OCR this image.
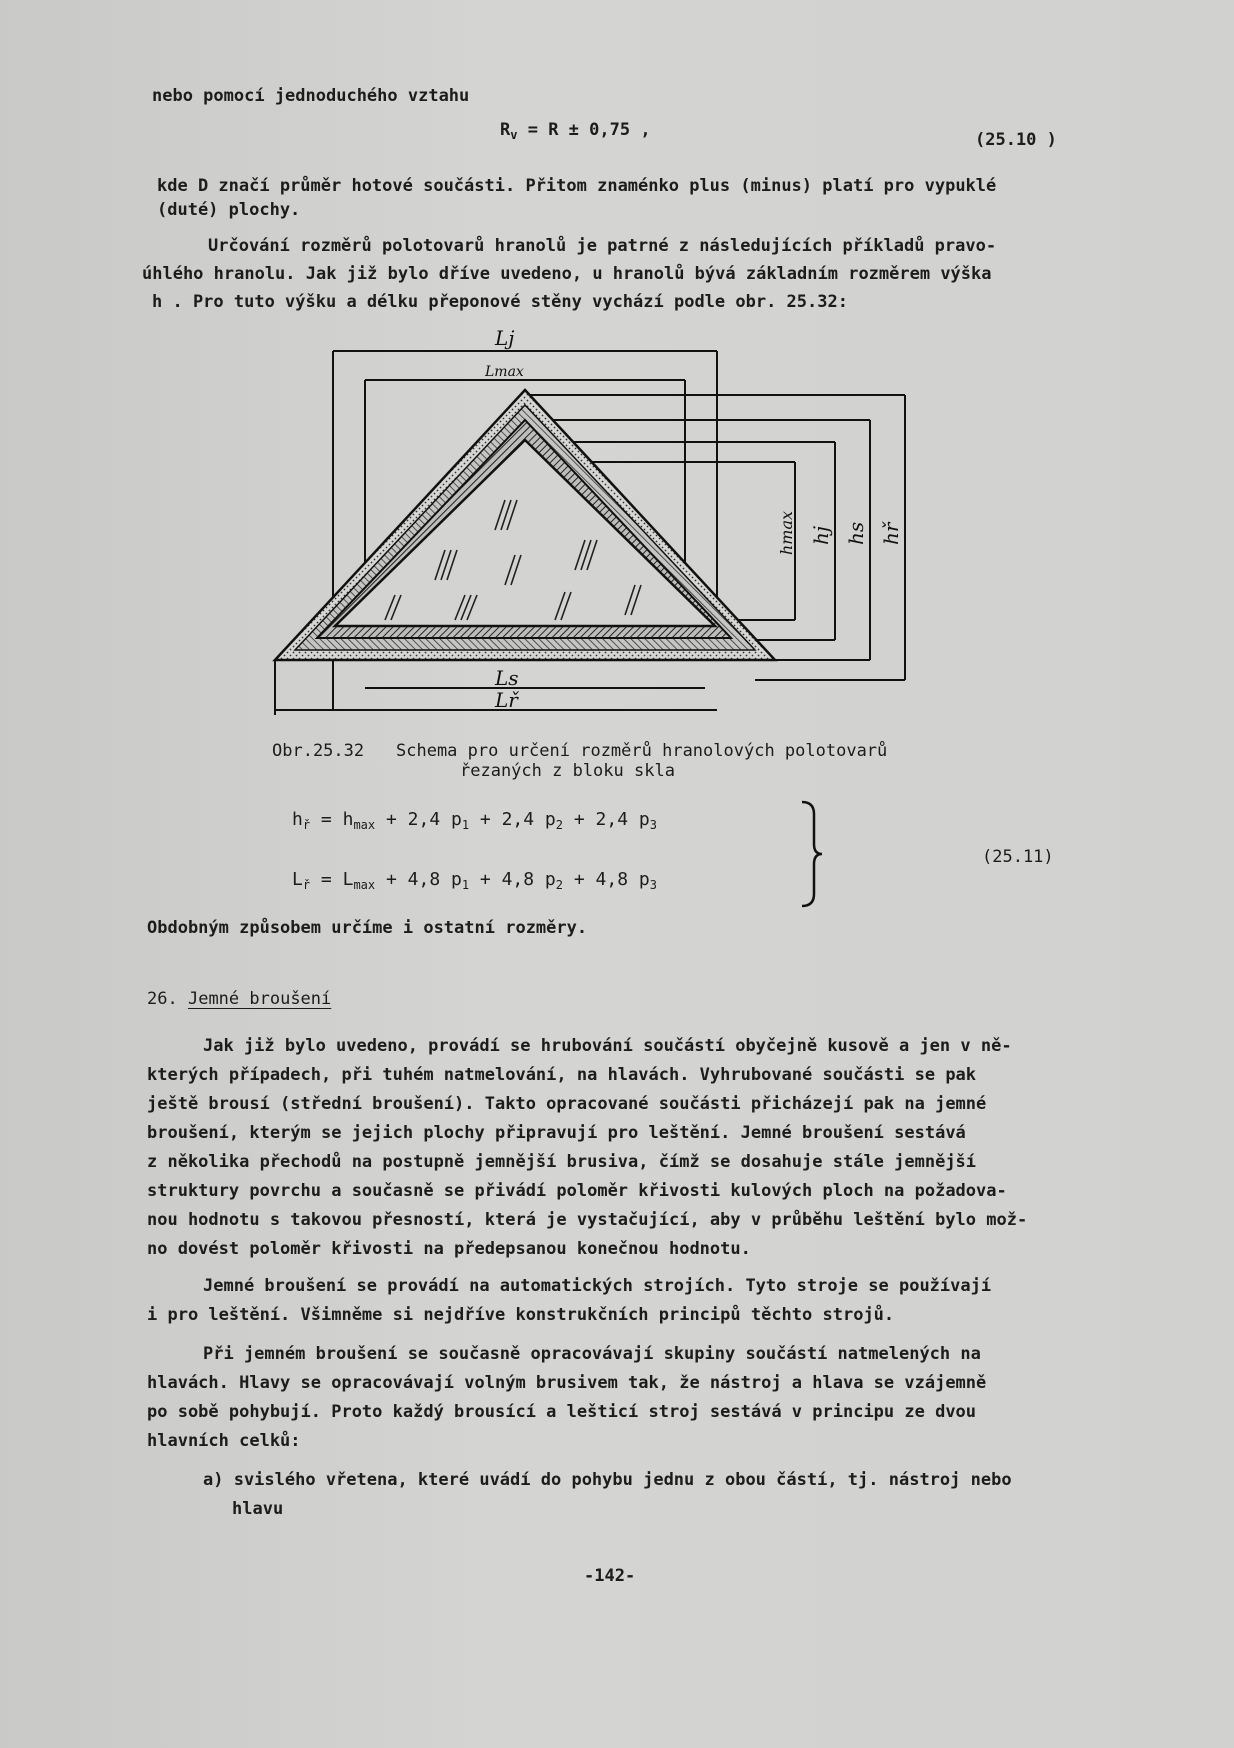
nebo pomocí jednoduchého vztahu
$R_v = R \pm 0,75$ ,	(25.10 )
kde D značí průměr hotové součásti. Přitom znaménko plus (minus) platí pro vypuklé
(duté) plochy.
Určování rozměrů polotovarů hranolů je patrné z následujících příkladů pravo-
úhlého hranolu. Jak již bylo dříve uvedeno, u hranolů bývá základním rozměrem výška
h . Pro tuto výšku a délku přeponové stěny vychází podle obr. 25.32:
Lj
Lmax
Ls
Lř
hmax hj hs hř
Obr.25.32 Schema pro určení rozměrů hranolových polotovarů
řezaných z bloku skla
$h_ř = h_{max} + 2,4$ $p_1 + 2,4$ $p_2 + 2,4$ $p_3$
$L_ř = L_{max} + 4,8$ $p_1 + 4,8$ $p_2 + 4,8$ $p_3$
(25.11)
Obdobným způsobem určíme i ostatní rozměry.
26. Jemné broušení
Jak již bylo uvedeno, provádí se hrubování součástí obyčejně kusově a jen v ně-
kterých případech, při tuhém natmelování, na hlavách. Vyhrubované součásti se pak
ještě brousí (střední broušení). Takto opracované součásti přicházejí pak na jemné
broušení, kterým se jejich plochy připravují pro leštění. Jemné broušení sestává
z několika přechodů na postupně jemnější brusiva, čímž se dosahuje stále jemnější
struktury povrchu a současně se přivádí poloměr křivosti kulových ploch na požadova-
nou hodnotu s takovou přesností, která je vystačující, aby v průběhu leštění bylo mož-
no dovést poloměr křivosti na předepsanou konečnou hodnotu.
Jemné broušení se provádí na automatických strojích. Tyto stroje se používají
i pro leštění. Všimněme si nejdříve konstrukčních principů těchto strojů.
Při jemném broušení se současně opracovávají skupiny součástí natmelených na
hlavách. Hlavy se opracovávají volným brusivem tak, že nástroj a hlava se vzájemně
po sobě pohybují. Proto každý brousící a lešticí stroj sestává v principu ze dvou
hlavních celků:
a) svislého vřetena, které uvádí do pohybu jednu z obou částí, tj. nástroj nebo
hlavu
-142-
